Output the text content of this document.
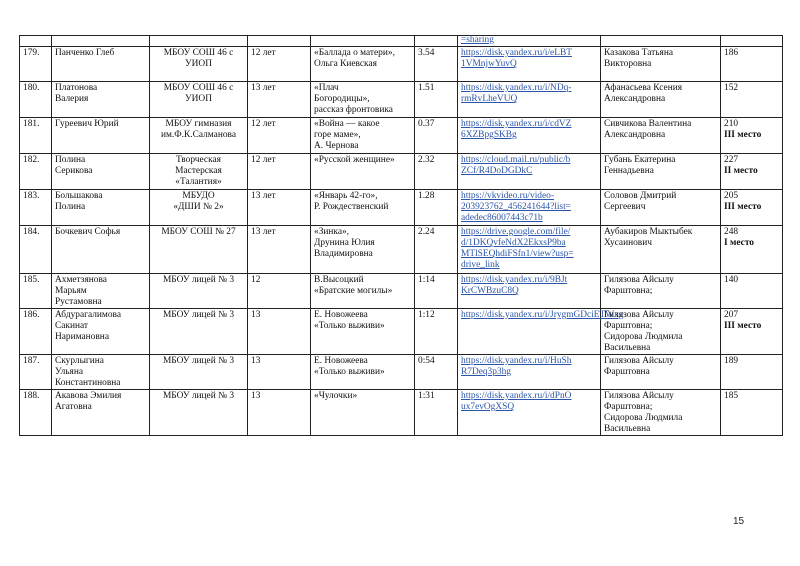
						=sharing		

179.	Панченко Глеб	МБОУ СОШ 46 с
УИОП	12 лет	«Баллада о матери»,
Ольга Киевская	3.54	https://disk.yandex.ru/i/eLBT
1VMnjwYuvQ	Казакова Татьяна
Викторовна	186

180.	Платонова
Валерия	МБОУ СОШ 46 с
УИОП	13 лет	«Плач
Богородицы»,
рассказ фронтовика	1.51	https://disk.yandex.ru/i/NDq-
rmRvLheVUQ	Афанасьева Ксения
Александровна	152

181.	Гуреевич Юрий	МБОУ гимназия
им.Ф.К.Салманова	12 лет	«Война — какое
горе маме»,
А. Чернова	0.37	https://disk.yandex.ru/i/cdVZ
6XZBpgSKBg	Сивчикова Валентина
Александровна	210
III место

182.	Полина
Серикова	Творческая
Мастерская
«Талантия»	12 лет	«Русской женщине»	2.32	https://cloud.mail.ru/public/b
ZCf/R4DoDGDkC	Губань Екатерина
Геннадьевна	227
II место

183.	Большакова
Полина	МБУДО
«ДШИ № 2»	13 лет	«Январь 42-го»,
Р. Рождественский	1.28	https://vkvideo.ru/video-
203923762_456241644?list=
adedec86007443c71b	Соловов Дмитрий
Сергеевич	205
III место

184.	Бочкевич Софья	МБОУ СОШ № 27	13 лет	«Зинка»,
Друнина Юлия
Владимировна	2.24	https://drive.google.com/file/
d/1DKQvfeNdX2EkxsP9ba
MTlSEQhdiFSfn1/view?usp=
drive_link	Аубакиров Мыктыбек
Хусаинович	248
I место

185.	Ахметзянова
Марьям
Рустамовна	МБОУ лицей № 3	12	В.Высоцкий
«Братские могилы»	1:14	https://disk.yandex.ru/i/9BJt
KrCWBzuC8Q	Гилязова Айсылу
Фарштовна;	140

186.	Абдурагалимова
Сакинат
Наримановна	МБОУ лицей № 3	13	Е. Новожеева
«Только выживи»	1:12	https://disk.yandex.ru/i/JrygmGDciETWxg	Гилязова Айсылу
Фарштовна;
Сидорова Людмила
Васильевна	207
III место

187.	Скурлыгина
Ульяна
Константиновна	МБОУ лицей № 3	13	Е. Новожеева
«Только выживи»	0:54	https://disk.yandex.ru/i/HuSh
R7Deq3p3hg	Гилязова Айсылу
Фарштовна	189

188.	Акавова Эмилия
Агатовна	МБОУ лицей № 3	13	«Чулочки»	1:31	https://disk.yandex.ru/i/dPnO
ux7evOgXSQ	Гилязова Айсылу
Фарштовна;
Сидорова Людмила
Васильевна	185
15
